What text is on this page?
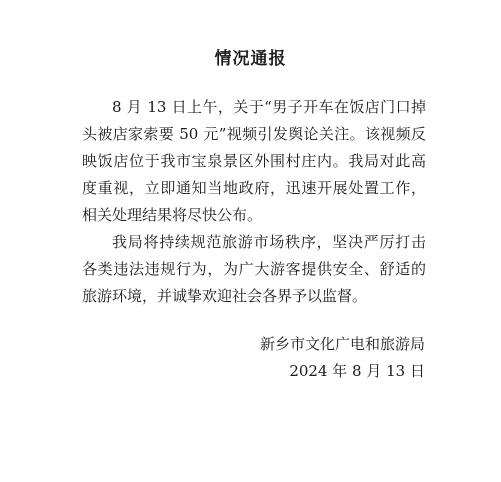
情况通报

8 月 13 日上午，关于“男子开车在饭店门口掉头被店家索要 50 元”视频引发舆论关注。该视频反映饭店位于我市宝泉景区外围村庄内。我局对此高度重视，立即通知当地政府，迅速开展处置工作，相关处理结果将尽快公布。

我局将持续规范旅游市场秩序，坚决严厉打击各类违法违规行为，为广大游客提供安全、舒适的旅游环境，并诚挚欢迎社会各界予以监督。

新乡市文化广电和旅游局
2024 年 8 月 13 日
